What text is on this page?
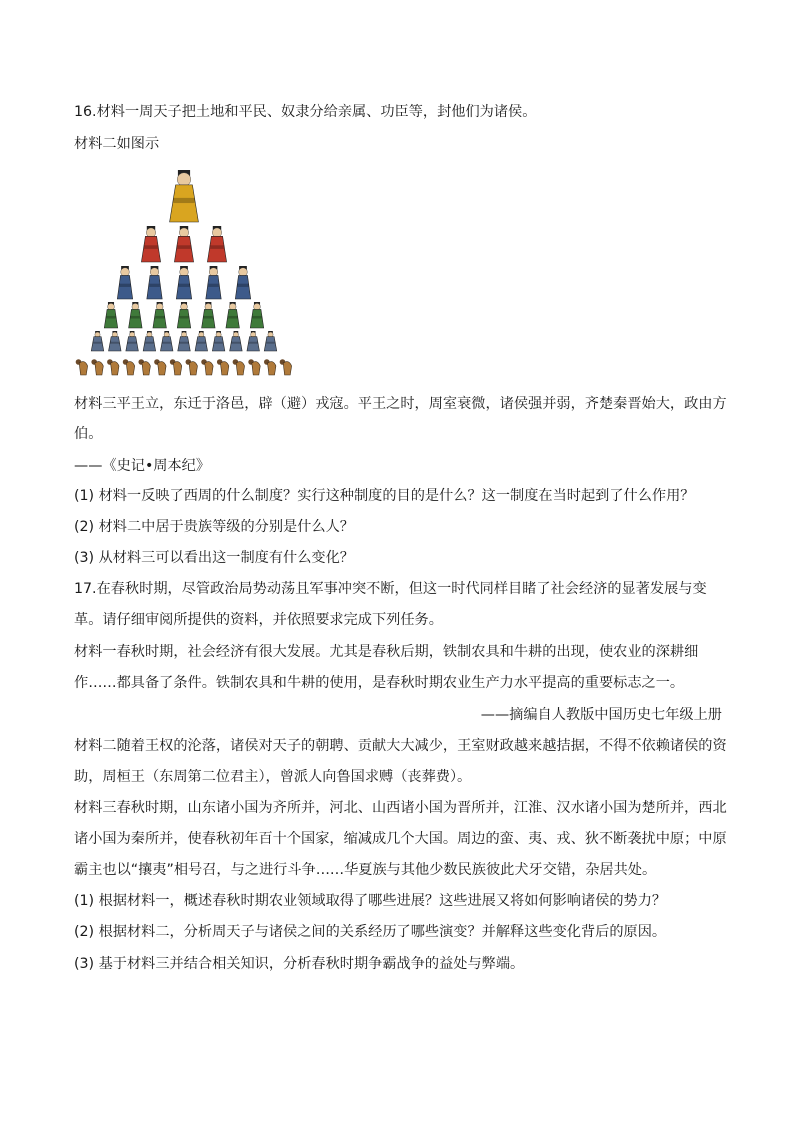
16.材料一周天子把土地和平民、奴隶分给亲属、功臣等，封他们为诸侯。
材料二如图示
材料三平王立，东迁于洛邑，辟（避）戎寇。平王之时，周室衰微，诸侯强并弱，齐楚秦晋始大，政由方
伯。
——《史记•周本纪》
(1) 材料一反映了西周的什么制度？实行这种制度的目的是什么？这一制度在当时起到了什么作用？
(2) 材料二中居于贵族等级的分别是什么人？
(3) 从材料三可以看出这一制度有什么变化？
17.在春秋时期，尽管政治局势动荡且军事冲突不断，但这一时代同样目睹了社会经济的显著发展与变
革。请仔细审阅所提供的资料，并依照要求完成下列任务。
材料一春秋时期，社会经济有很大发展。尤其是春秋后期，铁制农具和牛耕的出现，使农业的深耕细
作……都具备了条件。铁制农具和牛耕的使用，是春秋时期农业生产力水平提高的重要标志之一。
——摘编自人教版中国历史七年级上册
材料二随着王权的沦落，诸侯对天子的朝聘、贡献大大减少，王室财政越来越拮据，不得不依赖诸侯的资
助，周桓王（东周第二位君主），曾派人向鲁国求赙（丧葬费）。
材料三春秋时期，山东诸小国为齐所并，河北、山西诸小国为晋所并，江淮、汉水诸小国为楚所并，西北
诸小国为秦所并，使春秋初年百十个国家，缩减成几个大国。周边的蛮、夷、戎、狄不断袭扰中原；中原
霸主也以“攘夷”相号召，与之进行斗争……华夏族与其他少数民族彼此犬牙交错，杂居共处。
(1) 根据材料一，概述春秋时期农业领域取得了哪些进展？这些进展又将如何影响诸侯的势力？
(2) 根据材料二，分析周天子与诸侯之间的关系经历了哪些演变？并解释这些变化背后的原因。
(3) 基于材料三并结合相关知识，分析春秋时期争霸战争的益处与弊端。
